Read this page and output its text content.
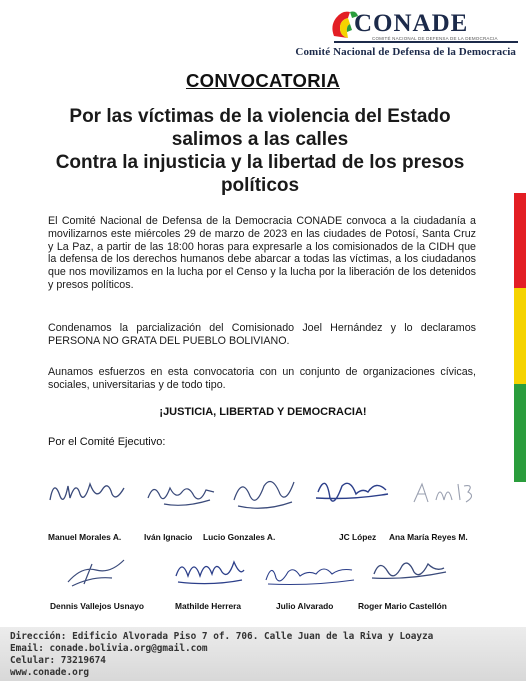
CONADE
COMITÉ NACIONAL DE DEFENSA DE LA DEMOCRACIA
Comité Nacional de Defensa de la Democracia
CONVOCATORIA
Por las víctimas de la violencia del Estado
salimos a las calles
Contra la injusticia y la libertad de los presos
políticos
El Comité Nacional de Defensa de la Democracia CONADE convoca a la ciudadanía a movilizarnos este miércoles 29 de marzo de 2023 en las ciudades de Potosí, Santa Cruz y La Paz, a partir de las 18:00 horas para expresarle a los comisionados de la CIDH que la defensa de los derechos humanos debe abarcar a todas las víctimas, a los ciudadanos que nos movilizamos en la lucha por el Censo y la lucha por la liberación de los detenidos y presos políticos.
Condenamos la parcialización del Comisionado Joel Hernández y lo declaramos PERSONA NO GRATA DEL PUEBLO BOLIVIANO.
Aunamos esfuerzos en esta convocatoria con un conjunto de organizaciones cívicas, sociales, universitarias y de todo tipo.
¡JUSTICIA, LIBERTAD Y DEMOCRACIA!
Por el Comité Ejecutivo:
Manuel Morales A.	Iván Ignacio Lucio Gonzales A.	JC López Ana María Reyes M.
Dennis Vallejos Usnayo	Mathilde Herrera	Julio Alvarado	Roger Mario Castellón
Dirección: Edificio Alvorada Piso 7 of. 706. Calle Juan de la Riva y Loayza
Email: conade.bolivia.org@gmail.com
Celular: 73219674
www.conade.org
